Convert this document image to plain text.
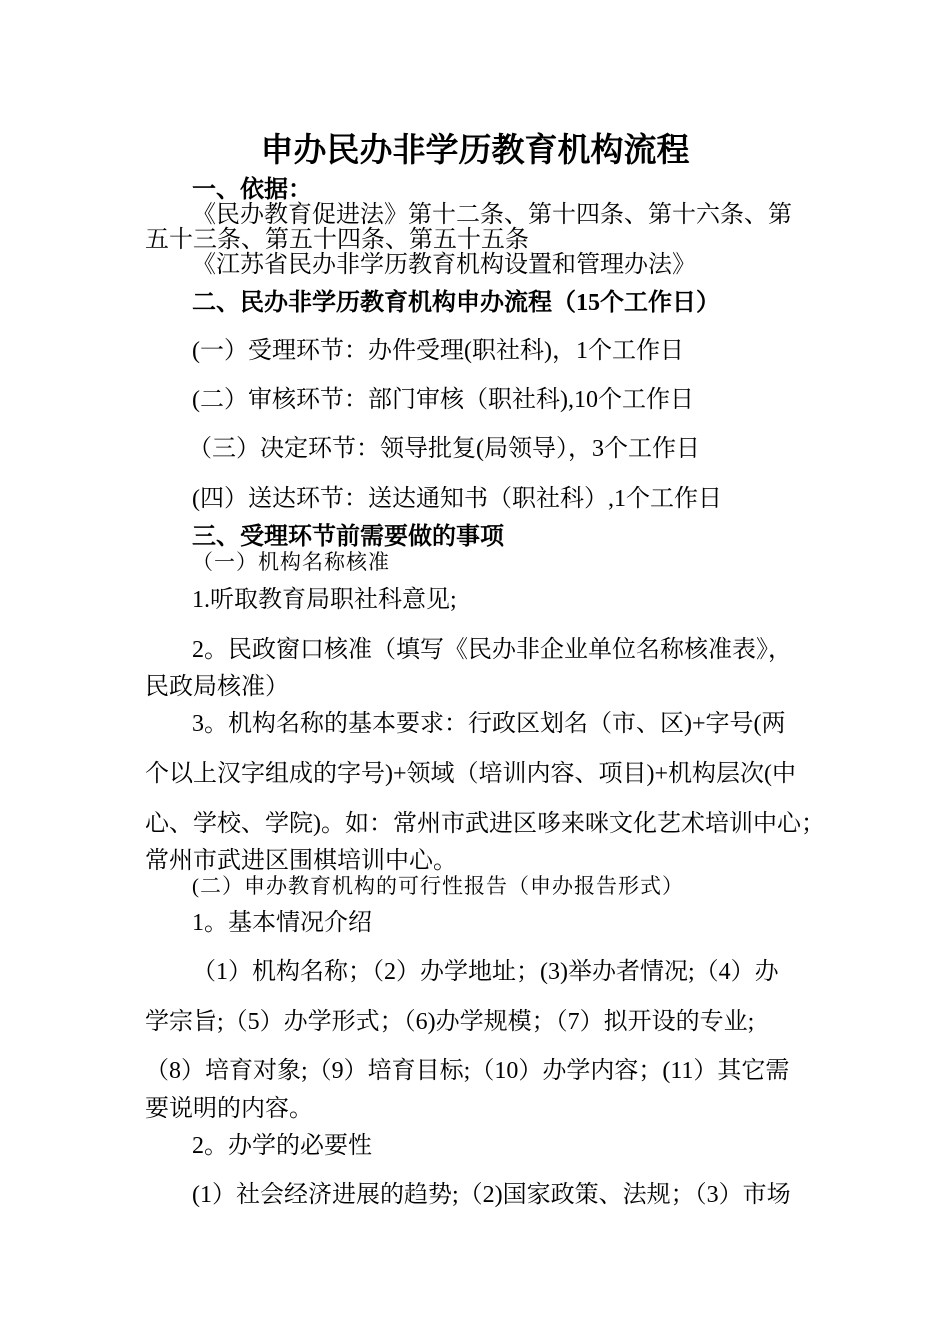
申办民办非学历教育机构流程
一、依据：
《民办教育促进法》第十二条、第十四条、第十六条、第
五十三条、第五十四条、第五十五条
《江苏省民办非学历教育机构设置和管理办法》
二、民办非学历教育机构申办流程（15个工作日）
(一）受理环节：办件受理(职社科)，1个工作日
(二）审核环节：部门审核（职社科),10个工作日
（三）决定环节：领导批复(局领导），3个工作日
(四）送达环节：送达通知书（职社科）,1个工作日
三、受理环节前需要做的事项
（一）机构名称核准
1.听取教育局职社科意见;
2。民政窗口核准（填写《民办非企业单位名称核准表》，
民政局核准）
3。机构名称的基本要求：行政区划名（市、区)+字号(两
个以上汉字组成的字号)+领域（培训内容、项目)+机构层次(中
心、学校、学院)。如：常州市武进区哆来咪文化艺术培训中心；
常州市武进区围棋培训中心。
(二）申办教育机构的可行性报告（申办报告形式）
1。基本情况介绍
（1）机构名称；（2）办学地址；(3)举办者情况;（4）办
学宗旨;（5）办学形式；（6)办学规模；（7）拟开设的专业;
（8）培育对象;（9）培育目标;（10）办学内容；(11）其它需
要说明的内容。
2。办学的必要性
(1）社会经济进展的趋势;（2)国家政策、法规；（3）市场
